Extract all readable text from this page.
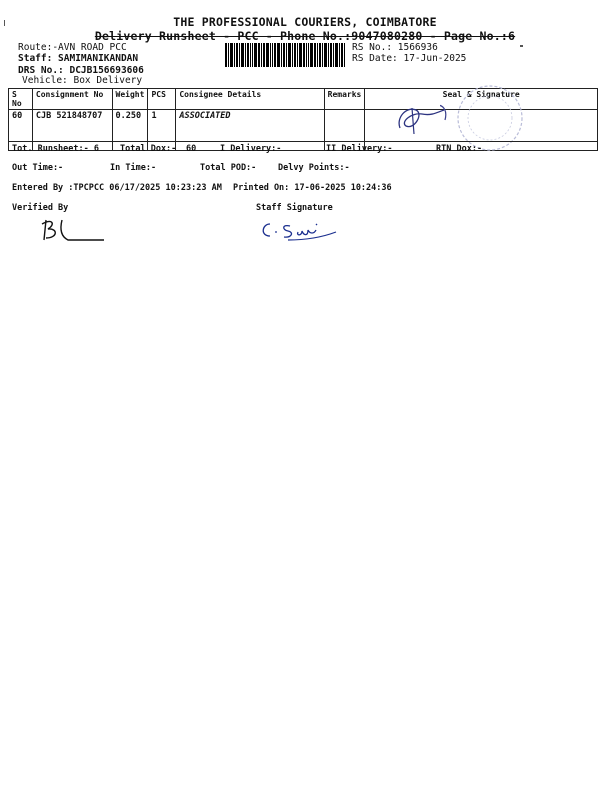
THE PROFESSIONAL COURIERS, COIMBATORE
Delivery Runsheet - PCC - Phone No.:9047080280 - Page No.:6
Route:-AVN ROAD PCC
Staff: SAMIMANIKANDAN
DRS No.: DCJB156693606
Vehicle: Box Delivery
RS No.: 1566936
RS Date: 17-Jun-2025
S No	Consignment No	Weight	PCS	Consignee Details	Remarks	Seal & Signature
60	CJB 521848707	0.250	1	ASSOCIATED		
Tot. Runsheet:- 6 Total Dox:- 60	I Delivery:-	II Delivery:-	RTN Dox:-
Out Time:-	In Time:-	Total POD:-	Delvy Points:-
Entered By :TPCPCC 06/17/2025 10:23:23 AM Printed On: 17-06-2025 10:24:36
Verified By	Staff Signature
